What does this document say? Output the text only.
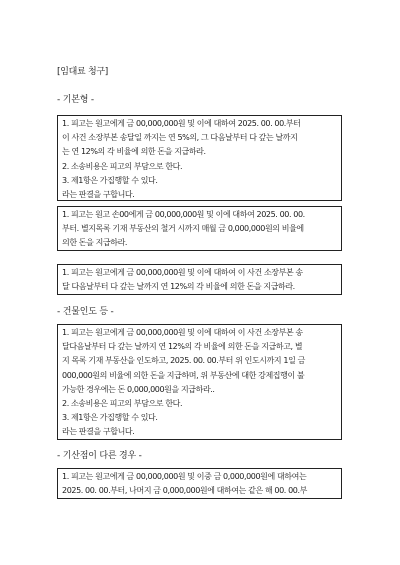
[임대료 청구]
- 기본형 -
1. 피고는 원고에게 금 00,000,000원 및 이에 대하여 2025. 00. 00.부터
이 사건 소장부본 송달일 까지는 연 5%의, 그 다음날부터 다 갚는 날까지
는 연 12%의 각 비율에 의한 돈을 지급하라.
2. 소송비용은 피고의 부담으로 한다.
3. 제1항은 가집행할 수 있다.
라는 판결을 구합니다.
1. 피고는 원고 손00에게 금 00,000,000원 및 이에 대하여 2025. 00. 00.
부터. 별지목록 기재 부동산의 철거 시까지 매월 금 0,000,000원의 비율에
의한 돈을 지급하라.
1. 피고는 원고에게 금 00,000,000원 및 이에 대하여 이 사건 소장부본 송
달 다음날부터 다 갚는 날까지 연 12%의 각 비율에 의한 돈을 지급하라.
- 건물인도 등 -
1. 피고는 원고에게 금 00,000,000원 및 이에 대하여 이 사건 소장부본 송
달다음날부터 다 갚는 날까지 연 12%의 각 비율에 의한 돈을 지급하고, 별
지 목록 기재 부동산을 인도하고, 2025. 00. 00.부터 위 인도시까지 1일 금
000,000원의 비율에 의한 돈을 지급하며, 위 부동산에 대한 강제집행이 불
가능한 경우에는 돈 0,000,000원을 지급하라..
2. 소송비용은 피고의 부담으로 한다.
3. 제1항은 가집행할 수 있다.
라는 판결을 구합니다.
- 기산점이 다른 경우 -
1. 피고는 원고에게 금 00,000,000원 및 이중 금 0,000,000원에 대하여는
2025. 00. 00.부터, 나머지 금 0,000,000원에 대하여는 같은 해 00. 00.부
